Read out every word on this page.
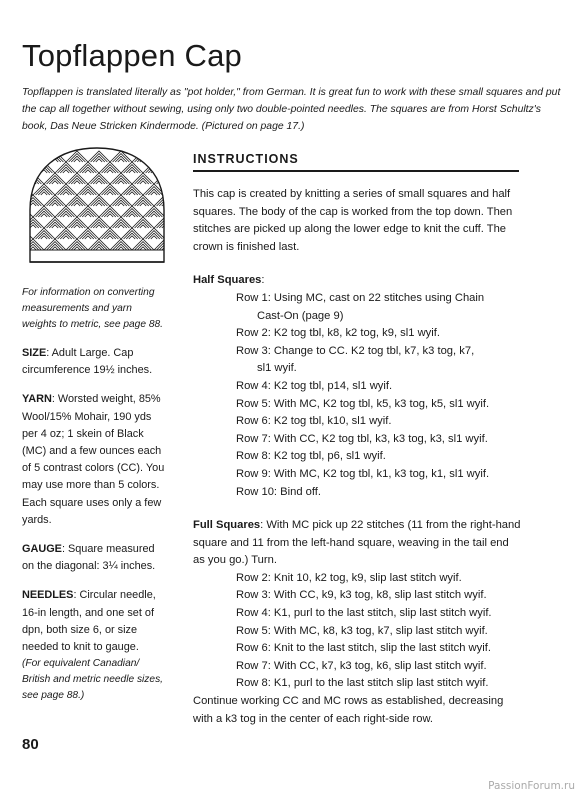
Topflappen Cap
Topflappen is translated literally as "pot holder," from German. It is great fun to work with these small squares and put the cap all together without sewing, using only two double-pointed needles. The squares are from Horst Schultz's book, Das Neue Stricken Kindermode. (Pictured on page 17.)
INSTRUCTIONS

This cap is created by knitting a series of small squares and half squares. The body of the cap is worked from the top down. Then stitches are picked up along the lower edge to knit the cuff. The crown is finished last.

Half Squares:

Row 1: Using MC, cast on 22 stitches using Chain

Cast-On (page 9)

Row 2: K2 tog tbl, k8, k2 tog, k9, sl1 wyif.

Row 3: Change to CC. K2 tog tbl, k7, k3 tog, k7,

sl1 wyif.

Row 4: K2 tog tbl, p14, sl1 wyif.

Row 5: With MC, K2 tog tbl, k5, k3 tog, k5, sl1 wyif.

Row 6: K2 tog tbl, k10, sl1 wyif.

Row 7: With CC, K2 tog tbl, k3, k3 tog, k3, sl1 wyif.

Row 8: K2 tog tbl, p6, sl1 wyif.

Row 9: With MC, K2 tog tbl, k1, k3 tog, k1, sl1 wyif.

Row 10: Bind off.

Full Squares: With MC pick up 22 stitches (11 from the right-hand square and 11 from the left-hand square, weaving in the tail end as you go.) Turn.

Row 2: Knit 10, k2 tog, k9, slip last stitch wyif.

Row 3: With CC, k9, k3 tog, k8, slip last stitch wyif.

Row 4: K1, purl to the last stitch, slip last stitch wyif.

Row 5: With MC, k8, k3 tog, k7, slip last stitch wyif.

Row 6: Knit to the last stitch, slip the last stitch wyif.

Row 7: With CC, k7, k3 tog, k6, slip last stitch wyif.

Row 8: K1, purl to the last stitch slip last stitch wyif.

Continue working CC and MC rows as established, decreasing with a k3 tog in the center of each right-side row.

For information on converting measurements and yarn weights to metric, see page 88.

SIZE: Adult Large. Cap circumference 19½ inches.

YARN: Worsted weight, 85% Wool/15% Mohair, 190 yds per 4 oz; 1 skein of Black (MC) and a few ounces each of 5 contrast colors (CC). You may use more than 5 colors. Each square uses only a few yards.

GAUGE: Square measured on the diagonal: 3¼ inches.

NEEDLES: Circular needle, 16-in length, and one set of dpn, both size 6, or size needed to knit to gauge.

(For equivalent Canadian/ British and metric needle sizes, see page 88.)

80
PassionForum.ru
